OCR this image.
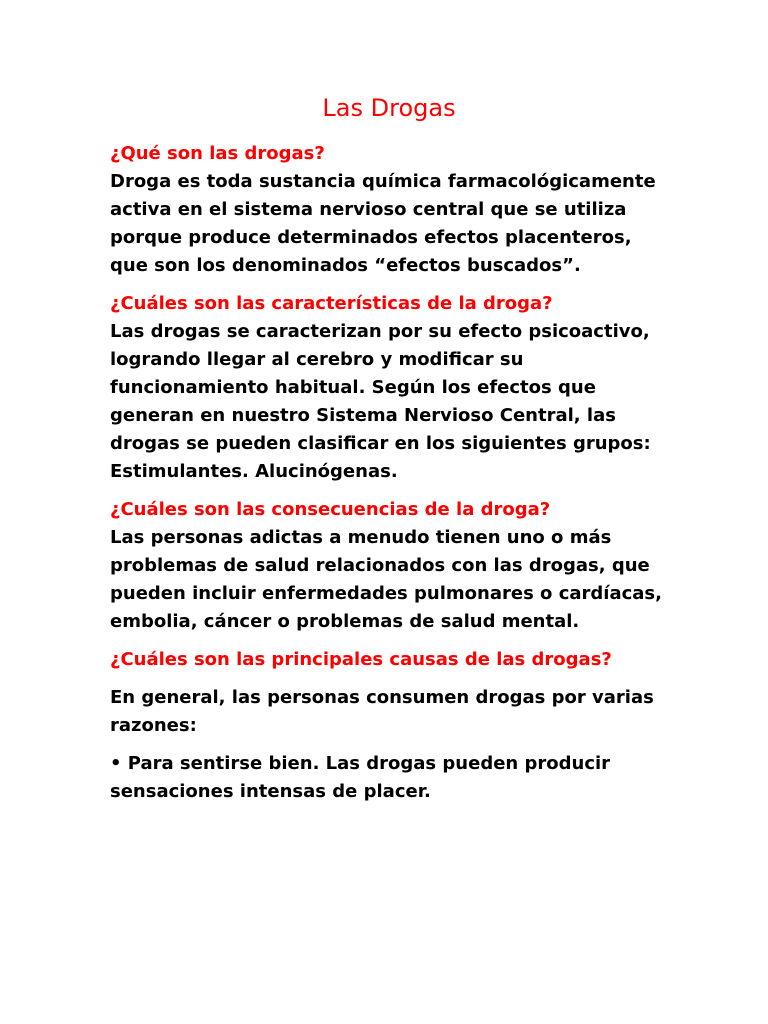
Las Drogas

¿Qué son las drogas?

Droga es toda sustancia química farmacológicamente activa en el sistema nervioso central que se utiliza porque produce determinados efectos placenteros, que son los denominados “efectos buscados”.

¿Cuáles son las características de la droga?

Las drogas se caracterizan por su efecto psicoactivo, logrando llegar al cerebro y modificar su funcionamiento habitual. Según los efectos que generan en nuestro Sistema Nervioso Central, las drogas se pueden clasificar en los siguientes grupos: Estimulantes. Alucinógenas.

¿Cuáles son las consecuencias de la droga?

Las personas adictas a menudo tienen uno o más problemas de salud relacionados con las drogas, que pueden incluir enfermedades pulmonares o cardíacas, embolia, cáncer o problemas de salud mental.

¿Cuáles son las principales causas de las drogas?

En general, las personas consumen drogas por varias razones:

• Para sentirse bien. Las drogas pueden producir sensaciones intensas de placer.
